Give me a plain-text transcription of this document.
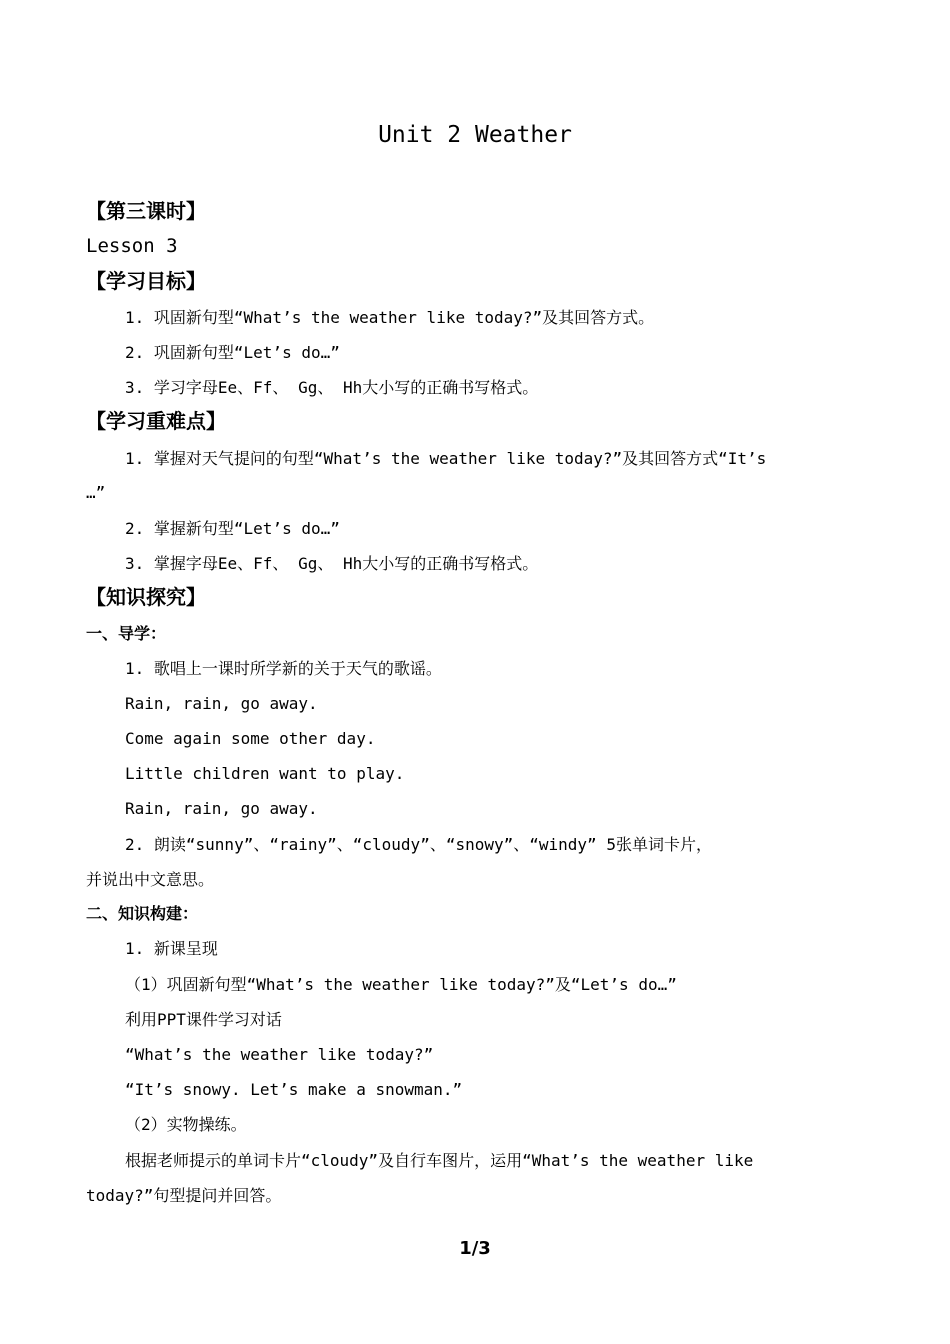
Unit 2 Weather
【第三课时】
Lesson 3
【学习目标】
1. 巩固新句型“What’s the weather like today?”及其回答方式。
2. 巩固新句型“Let’s do…”
3. 学习字母Ee、Ff、 Gg、 Hh大小写的正确书写格式。
【学习重难点】
1. 掌握对天气提问的句型“What’s the weather like today?”及其回答方式“It’s
…”
2. 掌握新句型“Let’s do…”
3. 掌握字母Ee、Ff、 Gg、 Hh大小写的正确书写格式。
【知识探究】
一、导学：
1. 歌唱上一课时所学新的关于天气的歌谣。
Rain, rain, go away.
Come again some other day.
Little children want to play.
Rain, rain, go away.
2. 朗读“sunny”、“rainy”、“cloudy”、“snowy”、“windy” 5张单词卡片，
并说出中文意思。
二、知识构建：
1. 新课呈现
（1）巩固新句型“What’s the weather like today?”及“Let’s do…”
利用PPT课件学习对话
“What’s the weather like today?”
“It’s snowy. Let’s make a snowman.”
（2）实物操练。
根据老师提示的单词卡片“cloudy”及自行车图片，运用“What’s the weather like
today?”句型提问并回答。
1/3
